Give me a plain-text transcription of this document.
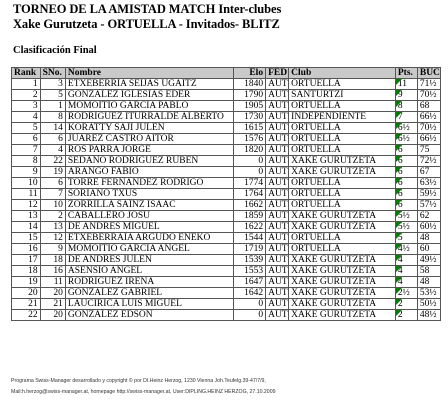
TORNEO DE LA AMISTAD MATCH Inter-clubes
Xake Gurutzeta - ORTUELLA - Invitados- BLITZ
Clasificación Final
Rank	SNo.	Nombre	Elo	FED	Club	Pts.	BUC
1	3	ETXEBERRIA SEIJAS UGAITZ	1840	AUT	ORTUELLA	11	71½
2	5	GONZALEZ IGLESIAS EDER	1790	AUT	SANTURTZI	9	70½
3	1	MOMOITIO GARCIA PABLO	1905	AUT	ORTUELLA	8	68
4	8	RODRIGUEZ ITURRALDE ALBERTO	1730	AUT	INDEPENDIENTE	7	66½
5	14	KORATTY SAJI JULEN	1615	AUT	ORTUELLA	6½	70½
6	6	JUAREZ CASTRO AITOR	1576	AUT	ORTUELLA	6½	66½
7	4	ROS PARRA JORGE	1820	AUT	ORTUELLA	6	75
8	22	SEDANO RODRIGUEZ RUBEN	0	AUT	XAKE GURUTZETA	6	72½
9	19	ARANGO FABIO	0	AUT	XAKE GURUTZETA	6	67
10	6	TORRE FERNANDEZ RODRIGO	1774	AUT	ORTUELLA	6	63½
11	7	SORIANO TXUS	1764	AUT	ORTUELLA	6	59½
12	10	ZORRILLA SAINZ ISAAC	1662	AUT	ORTUELLA	6	57½
13	2	CABALLERO JOSU	1859	AUT	XAKE GURUTZETA	5½	62
14	13	DE ANDRES MIGUEL	1622	AUT	XAKE GURUTZETA	5½	60½
15	12	ETXEBERRAIA ARGUDO ENEKO	1544	AUT	ORTUELLA	5	48
16	9	MOMOITIO GARCIA ANGEL	1719	AUT	ORTUELLA	4½	60
17	18	DE ANDRES JULEN	1539	AUT	XAKE GURUTZETA	4	49½
18	16	ASENSIO ANGEL	1553	AUT	XAKE GURUTZETA	4	58
19	11	RODRIGUEZ IRENA	1647	AUT	XAKE GURUTZETA	4	48
20	20	GONZALEZ GABRIEL	1642	AUT	XAKE GURUTZETA	2½	53½
21	21	LAUCIRICA LUIS MIGUEL	0	AUT	XAKE GURUTZETA	2	50½
22	20	GONZALEZ EDSON	0	AUT	XAKE GURUTZETA	2	48½
Programa Swiss-Manager desarrollado y copyright © por DI.Heinz Herzog, 1230 Vienna Joh.Teufelg.39-47/7/9,
Mail:h.herzog@swiss-manager.at, homepage http://swiss-manager.at, User:DIPLING.HEINZ HERZOG, 27.10.2009
